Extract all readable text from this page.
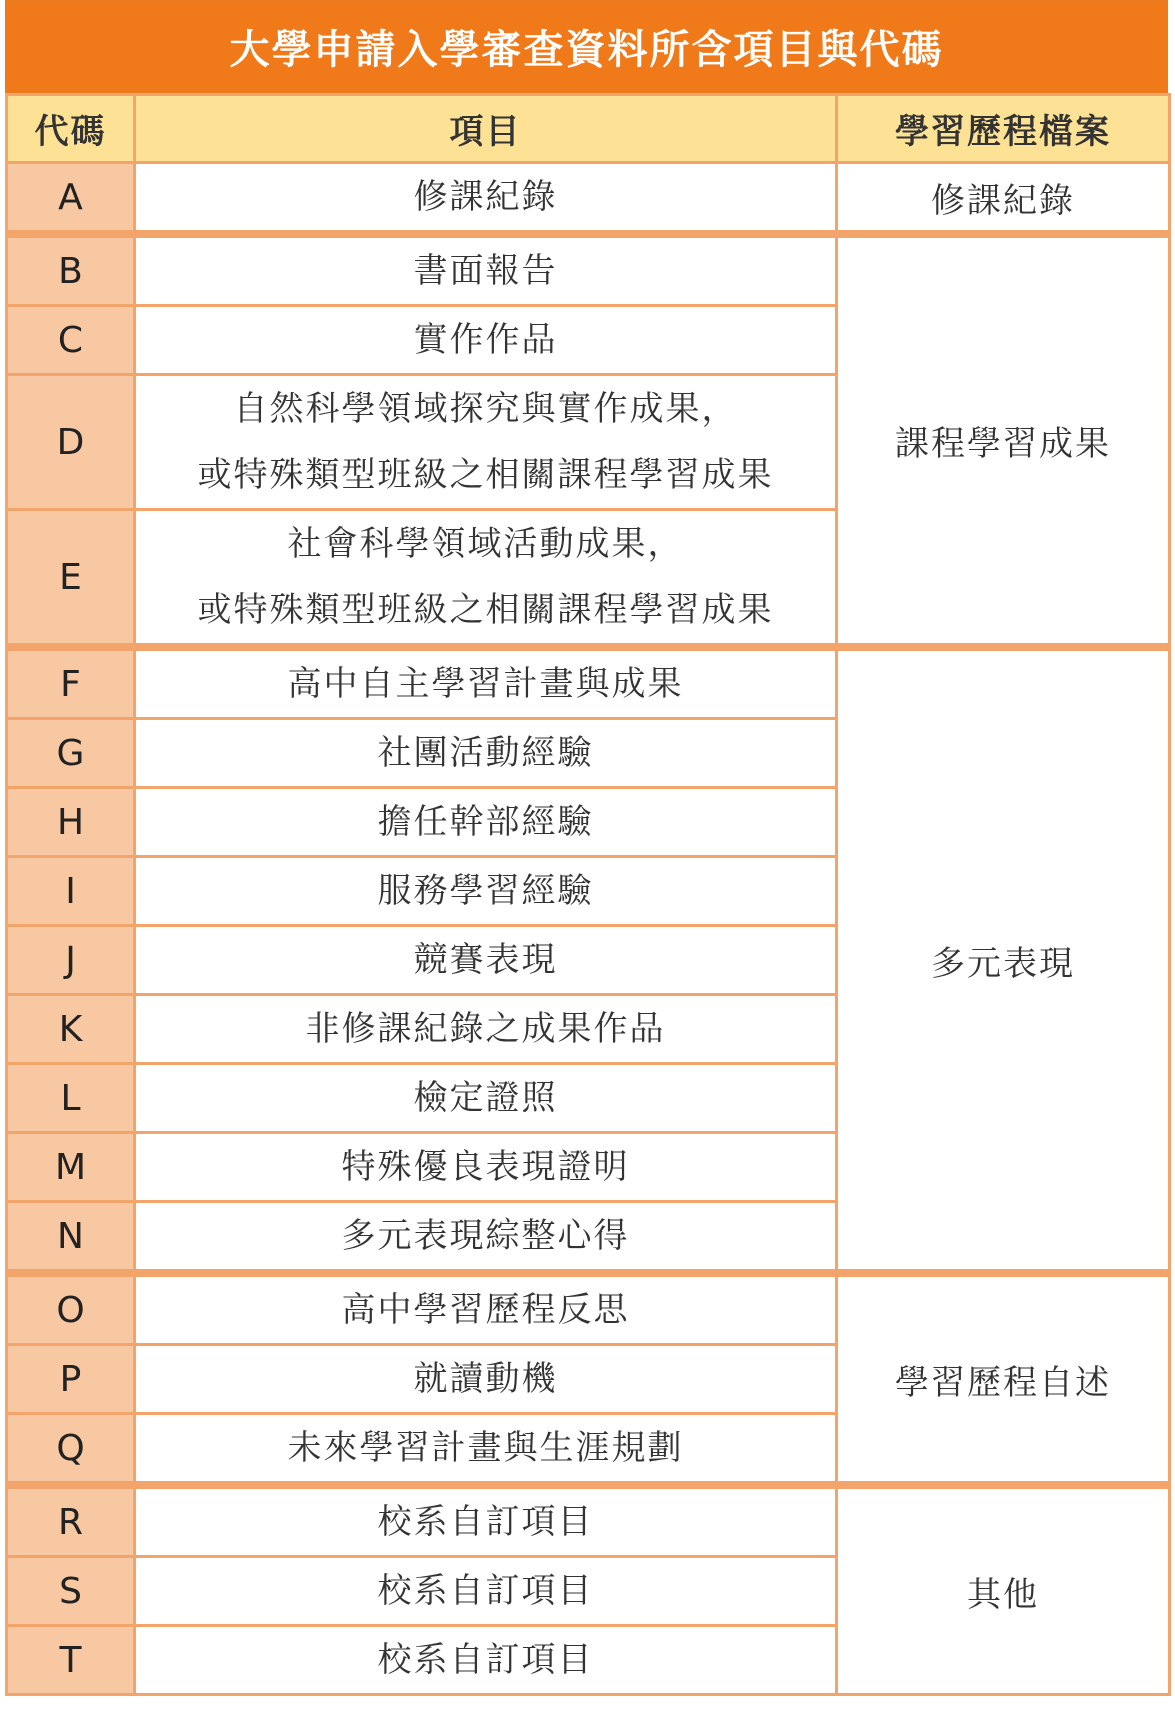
大學申請入學審查資料所含項目與代碼
代碼	項目	學習歷程檔案
A	修課紀錄	修課紀錄
B	書面報告	課程學習成果
C	實作作品	

D	自然科學領域探究與實作成果，
或特殊類型班級之相關課程學習成果	

E	社會科學領域活動成果，
或特殊類型班級之相關課程學習成果	

F	高中自主學習計畫與成果	多元表現
G	社團活動經驗	

H	擔任幹部經驗	

I	服務學習經驗	

J	競賽表現	

K	非修課紀錄之成果作品	

L	檢定證照	

M	特殊優良表現證明	

N	多元表現綜整心得	

O	高中學習歷程反思	學習歷程自述
P	就讀動機	

Q	未來學習計畫與生涯規劃	

R	校系自訂項目	其他
S	校系自訂項目	

T	校系自訂項目	
